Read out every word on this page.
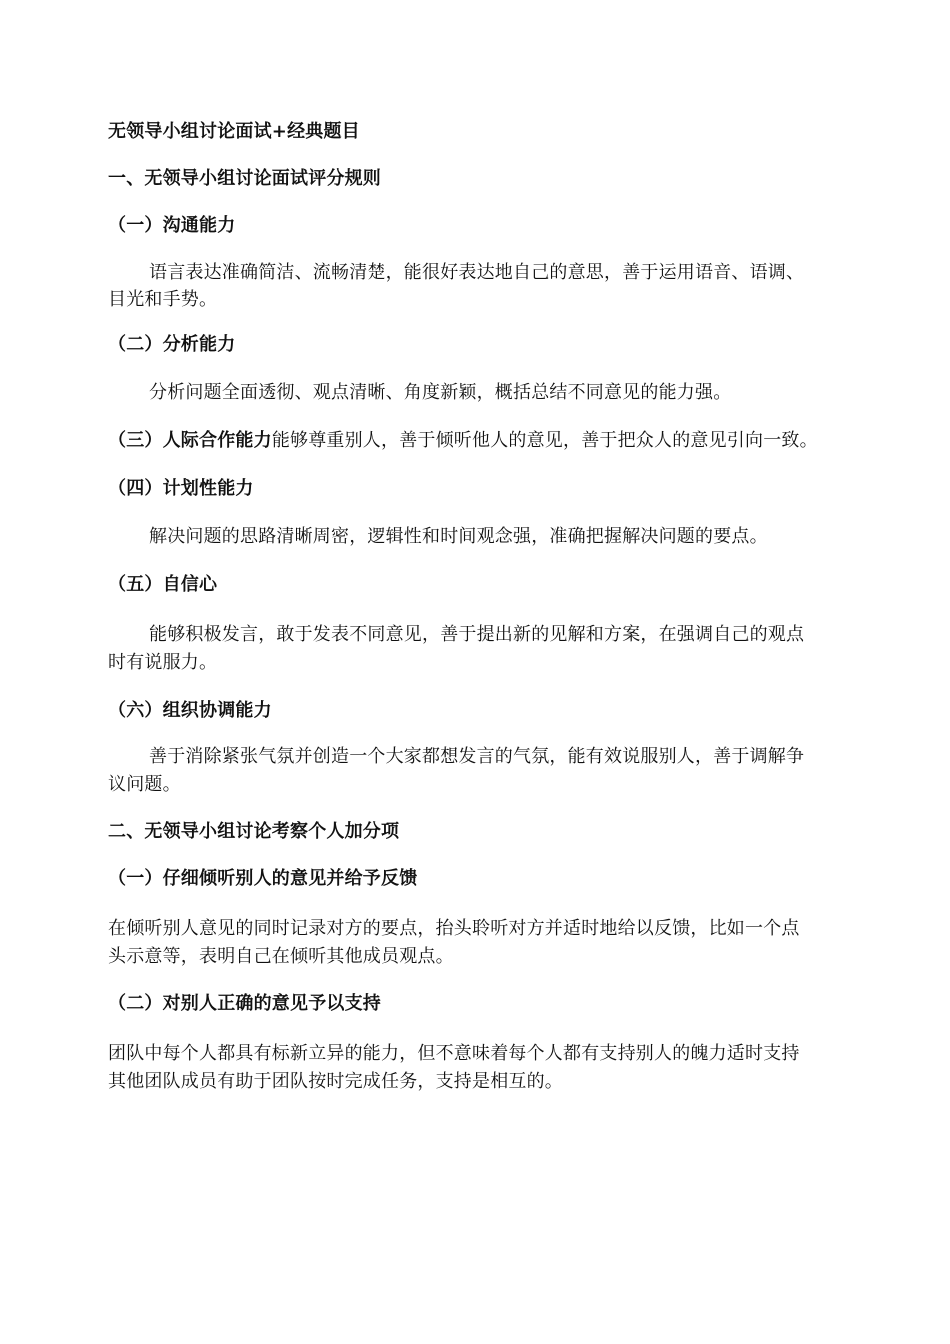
无领导小组讨论面试+经典题目
一、无领导小组讨论面试评分规则
（一）沟通能力
语言表达准确简洁、流畅清楚，能很好表达地自己的意思，善于运用语音、语调、
目光和手势。
（二）分析能力
分析问题全面透彻、观点清晰、角度新颖，概括总结不同意见的能力强。
（三）人际合作能力能够尊重别人，善于倾听他人的意见，善于把众人的意见引向一致。
（四）计划性能力
解决问题的思路清晰周密，逻辑性和时间观念强，准确把握解决问题的要点。
（五）自信心
能够积极发言，敢于发表不同意见，善于提出新的见解和方案，在强调自己的观点
时有说服力。
（六）组织协调能力
善于消除紧张气氛并创造一个大家都想发言的气氛，能有效说服别人，善于调解争
议问题。
二、无领导小组讨论考察个人加分项
（一）仔细倾听别人的意见并给予反馈
在倾听别人意见的同时记录对方的要点，抬头聆听对方并适时地给以反馈，比如一个点
头示意等，表明自己在倾听其他成员观点。
（二）对别人正确的意见予以支持
团队中每个人都具有标新立异的能力，但不意味着每个人都有支持别人的魄力适时支持
其他团队成员有助于团队按时完成任务，支持是相互的。
